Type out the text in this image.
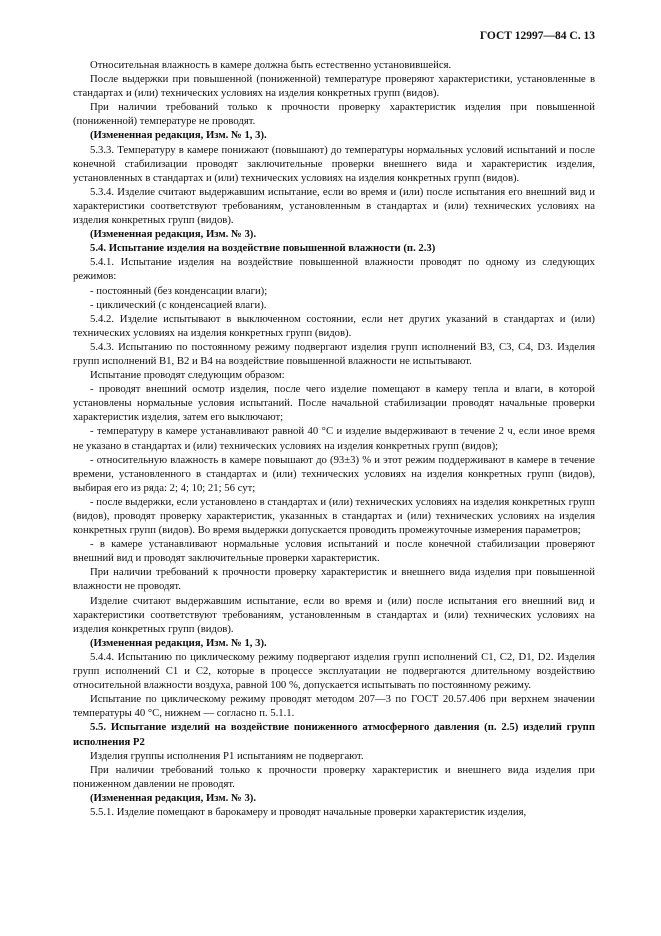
ГОСТ 12997—84 С. 13

Относительная влажность в камере должна быть естественно установившейся.

После выдержки при повышенной (пониженной) температуре проверяют характеристики, установленные в стандартах и (или) технических условиях на изделия конкретных групп (видов).

При наличии требований только к прочности проверку характеристик изделия при повышенной (пониженной) температуре не проводят.

(Измененная редакция, Изм. № 1, 3).

5.3.3. Температуру в камере понижают (повышают) до температуры нормальных условий испытаний и после конечной стабилизации проводят заключительные проверки внешнего вида и характеристик изделия, установленных в стандартах и (или) технических условиях на изделия конкретных групп (видов).

5.3.4. Изделие считают выдержавшим испытание, если во время и (или) после испытания его внешний вид и характеристики соответствуют требованиям, установленным в стандартах и (или) технических условиях на изделия конкретных групп (видов).

(Измененная редакция, Изм. № 3).

5.4. Испытание изделия на воздействие повышенной влажности (п. 2.3)

5.4.1. Испытание изделия на воздействие повышенной влажности проводят по одному из следующих режимов:

- постоянный (без конденсации влаги);

- циклический (с конденсацией влаги).

5.4.2. Изделие испытывают в выключенном состоянии, если нет других указаний в стандартах и (или) технических условиях на изделия конкретных групп (видов).

5.4.3. Испытанию по постоянному режиму подвергают изделия групп исполнений В3, С3, С4, D3. Изделия групп исполнений В1, В2 и В4 на воздействие повышенной влажности не испытывают.

Испытание проводят следующим образом:

- проводят внешний осмотр изделия, после чего изделие помещают в камеру тепла и влаги, в которой установлены нормальные условия испытаний. После начальной стабилизации проводят начальные проверки характеристик изделия, затем его выключают;

- температуру в камере устанавливают равной 40 °С и изделие выдерживают в течение 2 ч, если иное время не указано в стандартах и (или) технических условиях на изделия конкретных групп (видов);

- относительную влажность в камере повышают до (93±3) % и этот режим поддерживают в камере в течение времени, установленного в стандартах и (или) технических условиях на изделия конкретных групп (видов), выбирая его из ряда: 2; 4; 10; 21; 56 сут;

- после выдержки, если установлено в стандартах и (или) технических условиях на изделия конкретных групп (видов), проводят проверку характеристик, указанных в стандартах и (или) технических условиях на изделия конкретных групп (видов). Во время выдержки допускается проводить промежуточные измерения параметров;

- в камере устанавливают нормальные условия испытаний и после конечной стабилизации проверяют внешний вид и проводят заключительные проверки характеристик.

При наличии требований к прочности проверку характеристик и внешнего вида изделия при повышенной влажности не проводят.

Изделие считают выдержавшим испытание, если во время и (или) после испытания его внешний вид и характеристики соответствуют требованиям, установленным в стандартах и (или) технических условиях на изделия конкретных групп (видов).

(Измененная редакция, Изм. № 1, 3).

5.4.4. Испытанию по циклическому режиму подвергают изделия групп исполнений С1, С2, D1, D2. Изделия групп исполнений С1 и С2, которые в процессе эксплуатации не подвергаются длительному воздействию относительной влажности воздуха, равной 100 %, допускается испытывать по постоянному режиму.

Испытание по циклическому режиму проводят методом 207—3 по ГОСТ 20.57.406 при верхнем значении температуры 40 °С, нижнем — согласно п. 5.1.1.

5.5. Испытание изделий на воздействие пониженного атмосферного давления (п. 2.5) изделий групп исполнения Р2

Изделия группы исполнения Р1 испытаниям не подвергают.

При наличии требований только к прочности проверку характеристик и внешнего вида изделия при пониженном давлении не проводят.

(Измененная редакция, Изм. № 3).

5.5.1. Изделие помещают в барокамеру и проводят начальные проверки характеристик изделия,
